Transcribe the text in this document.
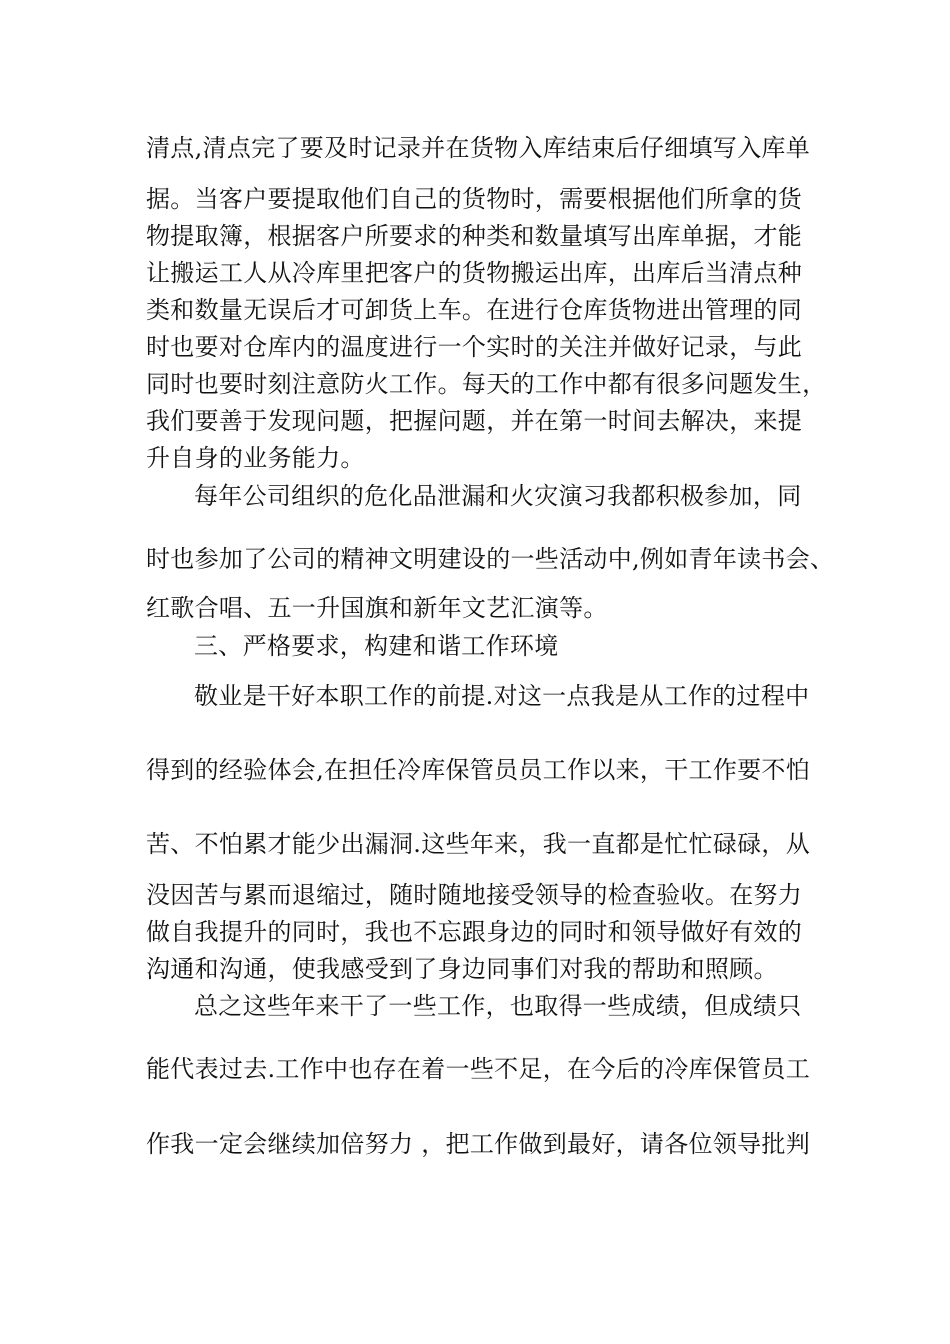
清点,清点完了要及时记录并在货物入库结束后仔细填写入库单
据。当客户要提取他们自己的货物时，需要根据他们所拿的货
物提取簿，根据客户所要求的种类和数量填写出库单据，才能
让搬运工人从冷库里把客户的货物搬运出库，出库后当清点种
类和数量无误后才可卸货上车。在进行仓库货物进出管理的同
时也要对仓库内的温度进行一个实时的关注并做好记录，与此
同时也要时刻注意防火工作。每天的工作中都有很多问题发生，
我们要善于发现问题，把握问题，并在第一时间去解决，来提
升自身的业务能力。
每年公司组织的危化品泄漏和火灾演习我都积极参加，同
时也参加了公司的精神文明建设的一些活动中,例如青年读书会、
红歌合唱、五一升国旗和新年文艺汇演等。
三、严格要求，构建和谐工作环境
敬业是干好本职工作的前提.对这一点我是从工作的过程中
得到的经验体会,在担任冷库保管员员工作以来，干工作要不怕
苦、不怕累才能少出漏洞.这些年来，我一直都是忙忙碌碌，从
没因苦与累而退缩过，随时随地接受领导的检查验收。在努力
做自我提升的同时，我也不忘跟身边的同时和领导做好有效的
沟通和沟通，使我感受到了身边同事们对我的帮助和照顾。
总之这些年来干了一些工作，也取得一些成绩，但成绩只
能代表过去.工作中也存在着一些不足，在今后的冷库保管员工
作我一定会继续加倍努力 ，把工作做到最好，请各位领导批判
